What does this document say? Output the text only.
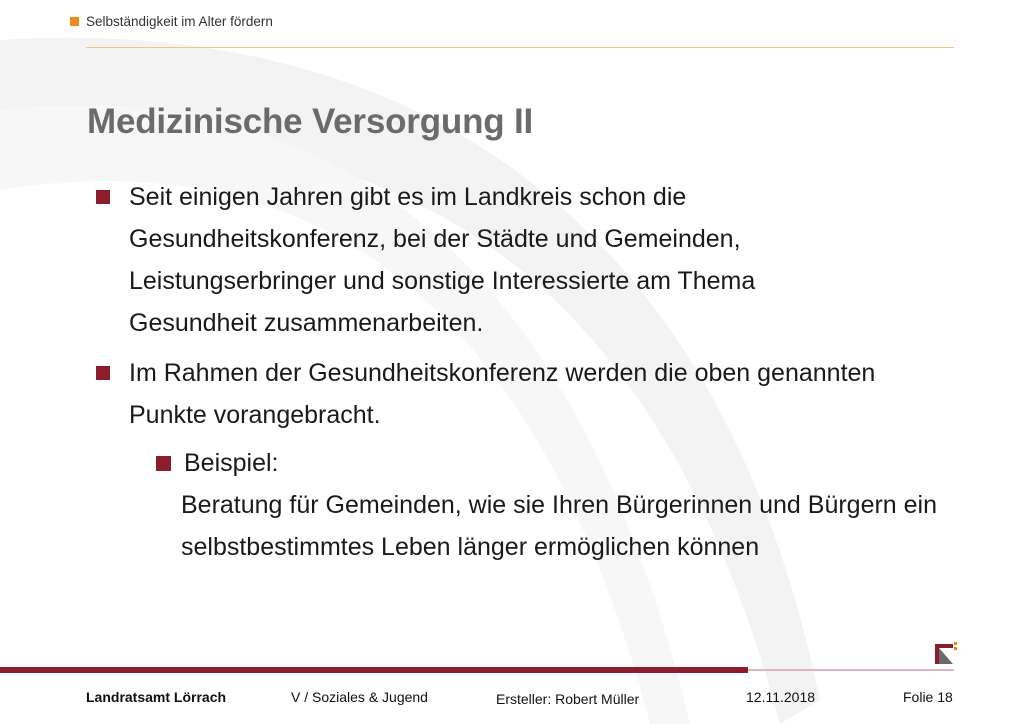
Selbständigkeit im Alter fördern
Medizinische Versorgung II
Seit einigen Jahren gibt es im Landkreis schon die Gesundheitskonferenz, bei der Städte und Gemeinden, Leistungserbringer und sonstige Interessierte am Thema Gesundheit zusammenarbeiten.
Im Rahmen der Gesundheitskonferenz werden die oben genannten Punkte vorangebracht.
Beispiel:
Beratung für Gemeinden, wie sie Ihren Bürgerinnen und Bürgern ein selbstbestimmtes Leben länger ermöglichen können
Landratsamt Lörrach	V / Soziales & Jugend	Ersteller: Robert Müller	12.11.2018	Folie 18
